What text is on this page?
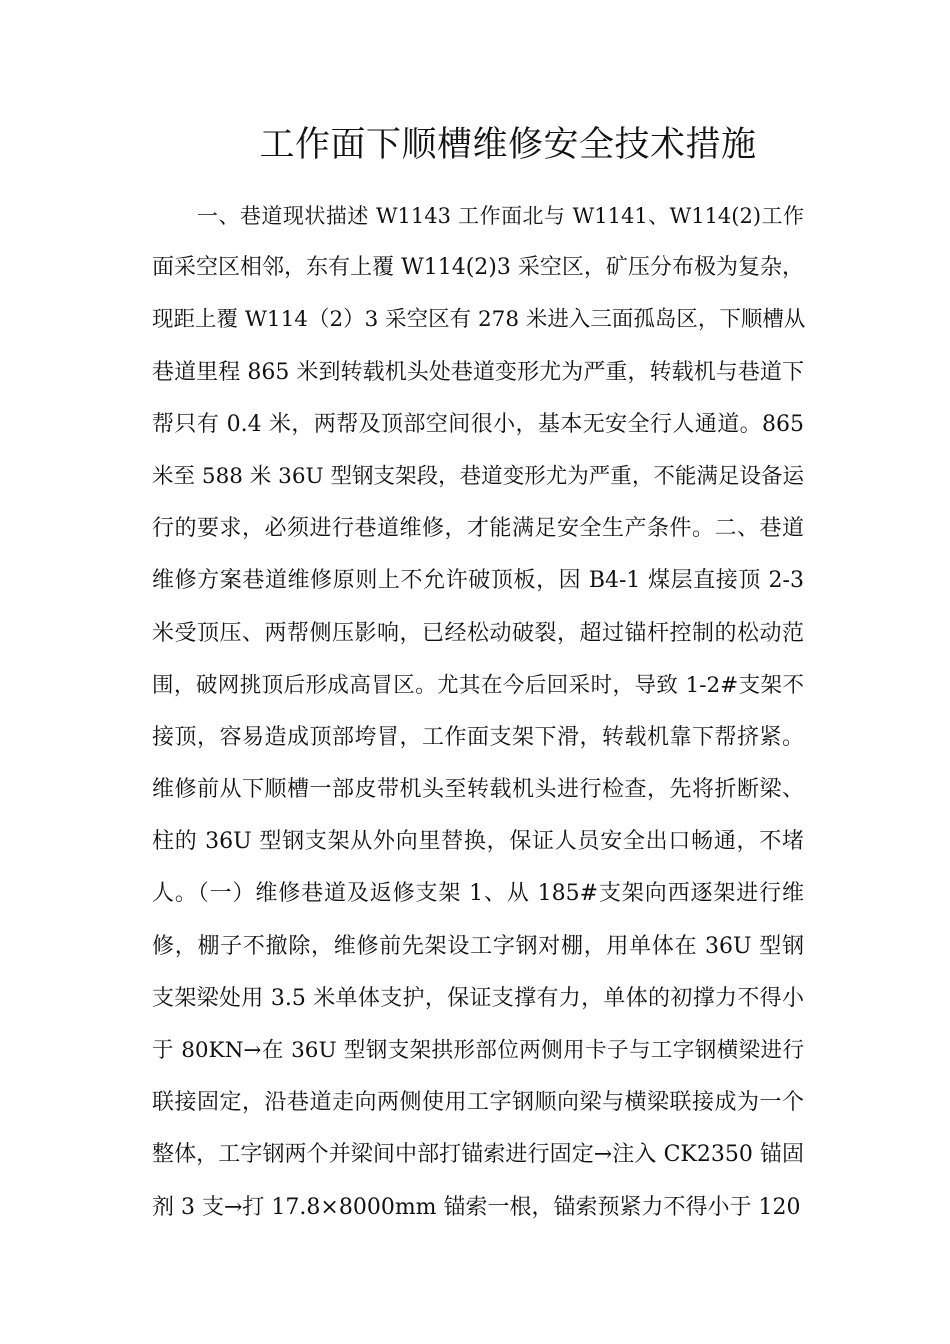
工作面下顺槽维修安全技术措施
一、巷道现状描述 W1143 工作面北与 W1141、W114(2)工作
面采空区相邻，东有上覆 W114(2)3 采空区，矿压分布极为复杂，
现距上覆 W114（2）3 采空区有 278 米进入三面孤岛区，下顺槽从
巷道里程 865 米到转载机头处巷道变形尤为严重，转载机与巷道下
帮只有 0.4 米，两帮及顶部空间很小，基本无安全行人通道。865
米至 588 米 36U 型钢支架段，巷道变形尤为严重，不能满足设备运
行的要求，必须进行巷道维修，才能满足安全生产条件。二、巷道
维修方案巷道维修原则上不允许破顶板，因 B4-1 煤层直接顶 2-3
米受顶压、两帮侧压影响，已经松动破裂，超过锚杆控制的松动范
围，破网挑顶后形成高冒区。尤其在今后回采时，导致 1-2#支架不
接顶，容易造成顶部垮冒，工作面支架下滑，转载机靠下帮挤紧。
维修前从下顺槽一部皮带机头至转载机头进行检查，先将折断梁、
柱的 36U 型钢支架从外向里替换，保证人员安全出口畅通，不堵
人。（一）维修巷道及返修支架 1、从 185#支架向西逐架进行维
修，棚子不撤除，维修前先架设工字钢对棚，用单体在 36U 型钢
支架梁处用 3.5 米单体支护，保证支撑有力，单体的初撑力不得小
于 80KN→在 36U 型钢支架拱形部位两侧用卡子与工字钢横梁进行
联接固定，沿巷道走向两侧使用工字钢顺向梁与横梁联接成为一个
整体，工字钢两个并梁间中部打锚索进行固定→注入 CK2350 锚固
剂 3 支→打 17.8×8000mm 锚索一根，锚索预紧力不得小于 120
